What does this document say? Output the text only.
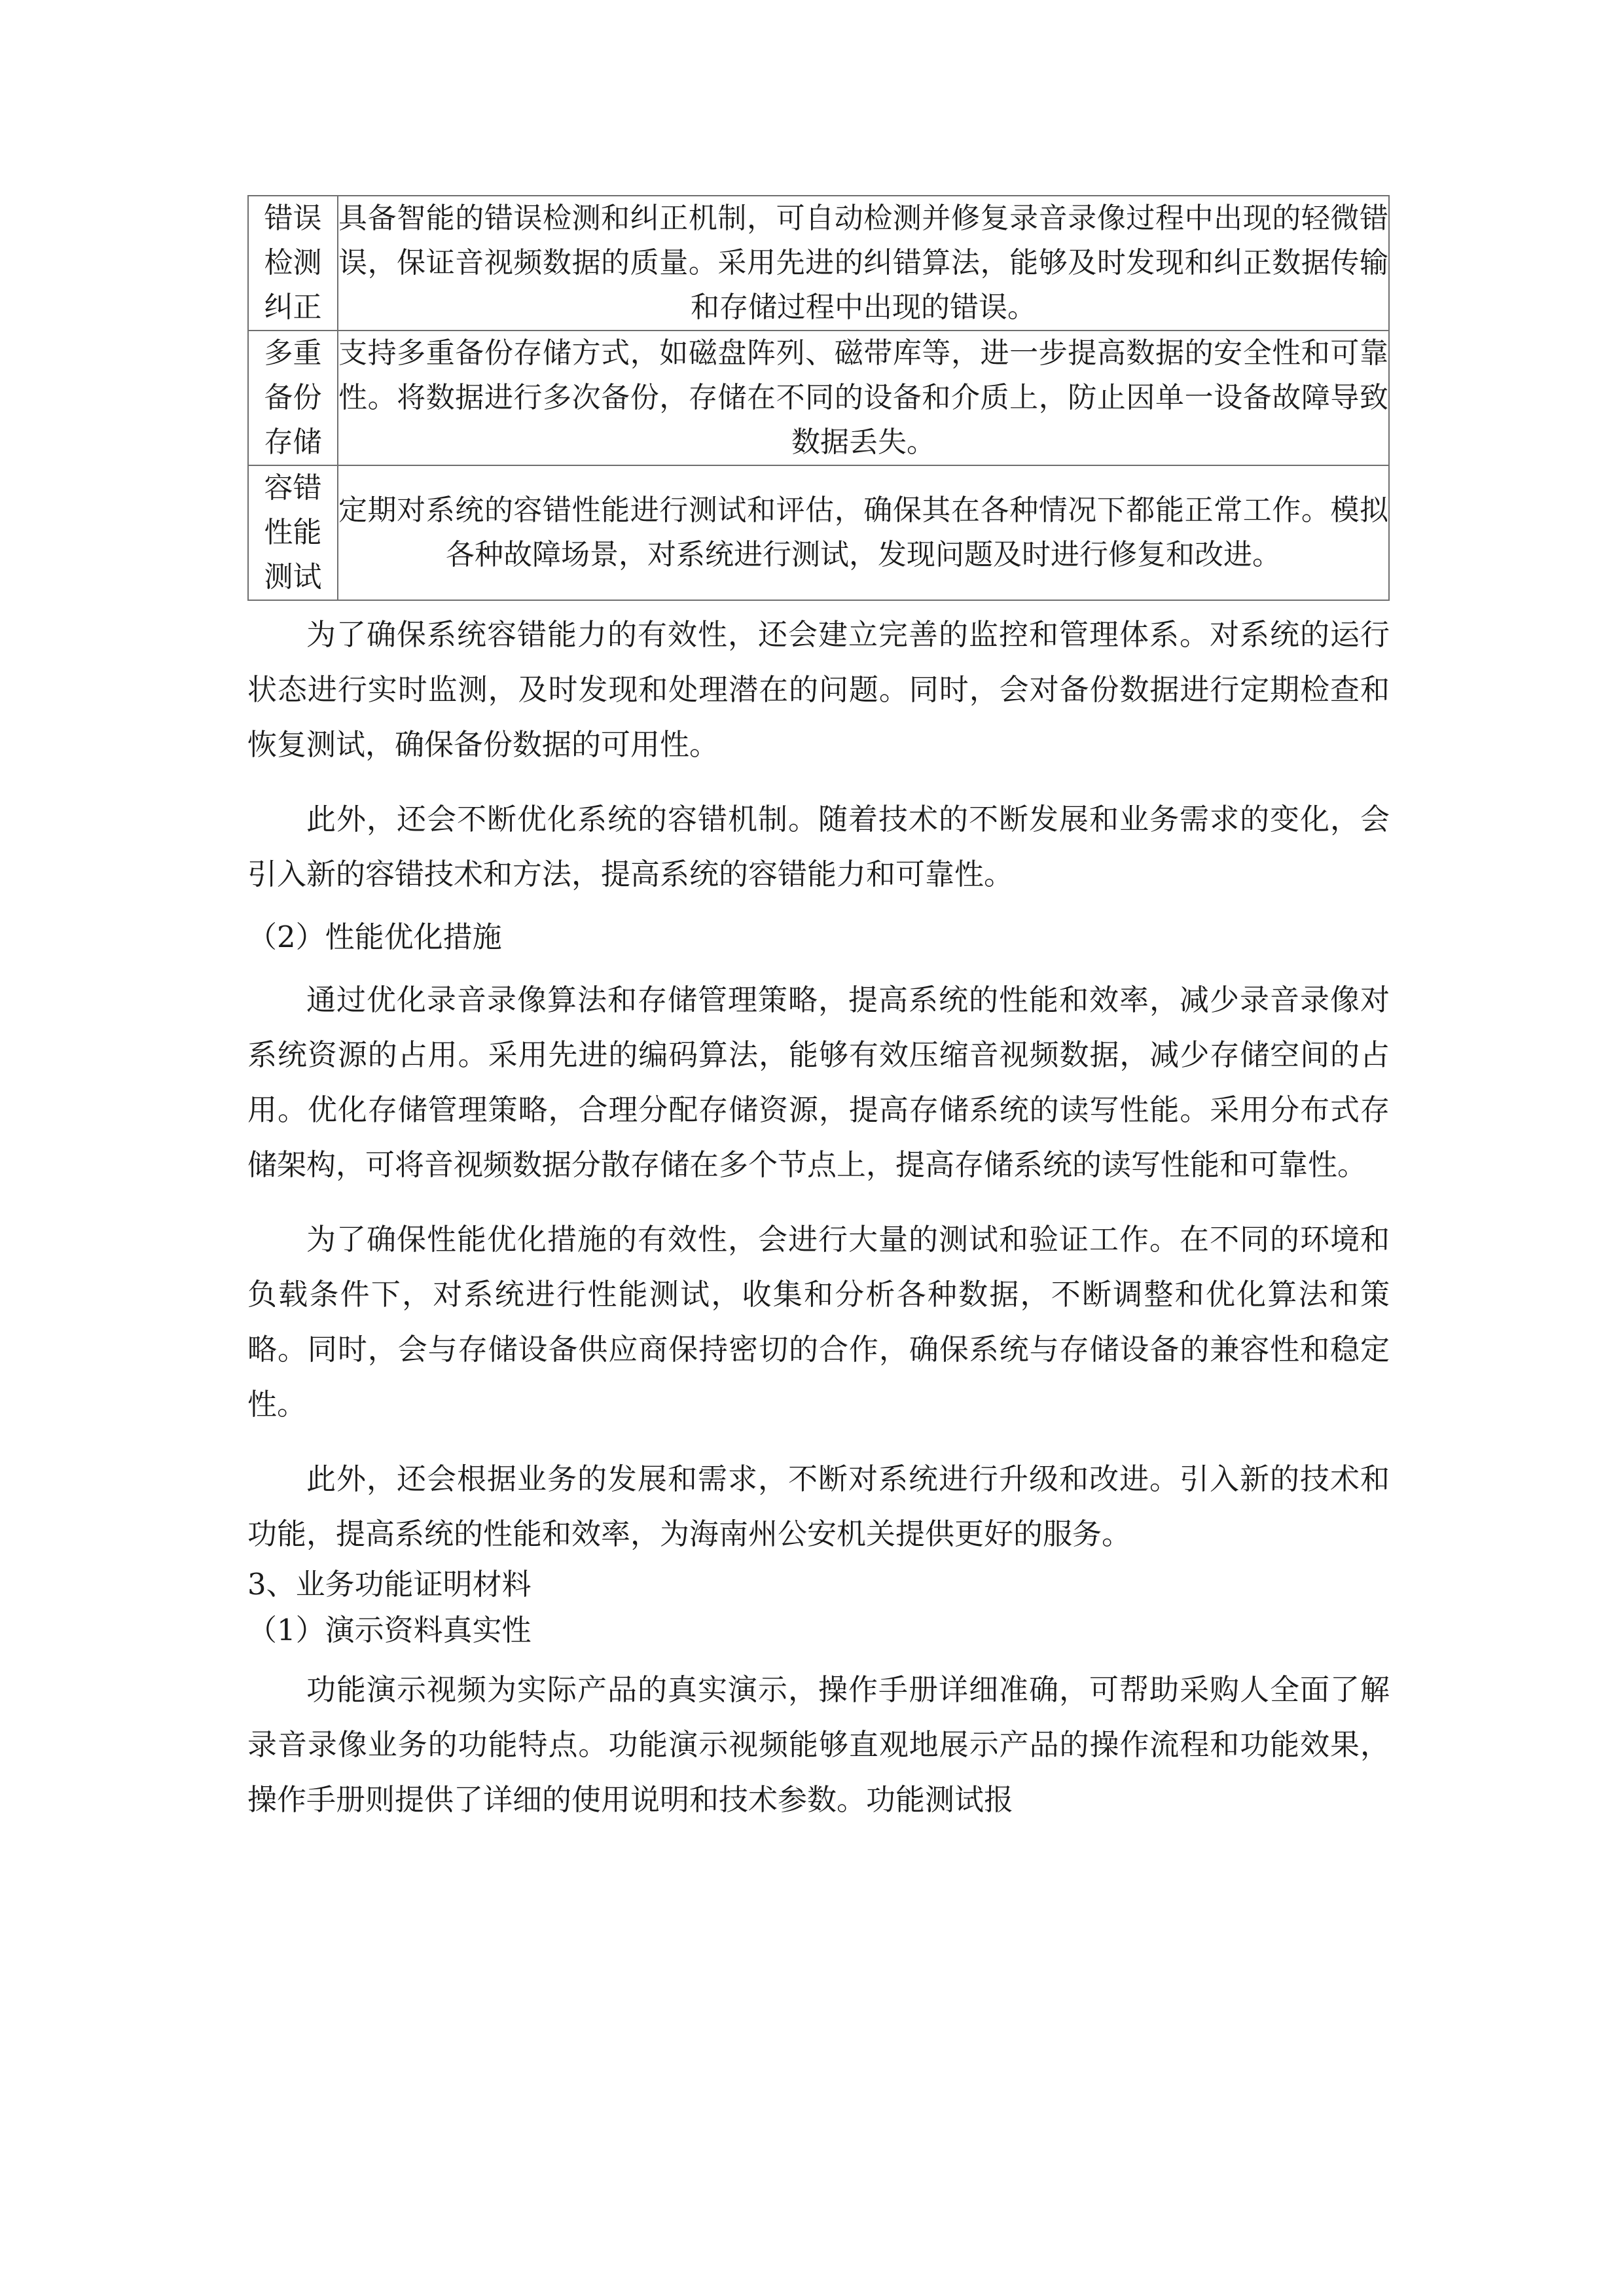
错误
检测
纠正	具备智能的错误检测和纠正机制，可自动检测并修复录音录像过程中出现的轻微错误，保证音视频数据的质量。采用先进的纠错算法，能够及时发现和纠正数据传输和存储过程中出现的错误。

多重
备份
存储	支持多重备份存储方式，如磁盘阵列、磁带库等，进一步提高数据的安全性和可靠性。将数据进行多次备份，存储在不同的设备和介质上，防止因单一设备故障导致数据丢失。

容错
性能
测试	定期对系统的容错性能进行测试和评估，确保其在各种情况下都能正常工作。模拟各种故障场景，对系统进行测试，发现问题及时进行修复和改进。

为了确保系统容错能力的有效性，还会建立完善的监控和管理体系。对系统的运行状态进行实时监测，及时发现和处理潜在的问题。同时，会对备份数据进行定期检查和恢复测试，确保备份数据的可用性。

此外，还会不断优化系统的容错机制。随着技术的不断发展和业务需求的变化，会引入新的容错技术和方法，提高系统的容错能力和可靠性。

（2）性能优化措施

通过优化录音录像算法和存储管理策略，提高系统的性能和效率，减少录音录像对系统资源的占用。采用先进的编码算法，能够有效压缩音视频数据，减少存储空间的占用。优化存储管理策略，合理分配存储资源，提高存储系统的读写性能。采用分布式存储架构，可将音视频数据分散存储在多个节点上，提高存储系统的读写性能和可靠性。

为了确保性能优化措施的有效性，会进行大量的测试和验证工作。在不同的环境和负载条件下，对系统进行性能测试，收集和分析各种数据，不断调整和优化算法和策略。同时，会与存储设备供应商保持密切的合作，确保系统与存储设备的兼容性和稳定性。

此外，还会根据业务的发展和需求，不断对系统进行升级和改进。引入新的技术和功能，提高系统的性能和效率，为海南州公安机关提供更好的服务。

3、业务功能证明材料

（1）演示资料真实性

功能演示视频为实际产品的真实演示，操作手册详细准确，可帮助采购人全面了解录音录像业务的功能特点。功能演示视频能够直观地展示产品的操作流程和功能效果，操作手册则提供了详细的使用说明和技术参数。功能测试报
